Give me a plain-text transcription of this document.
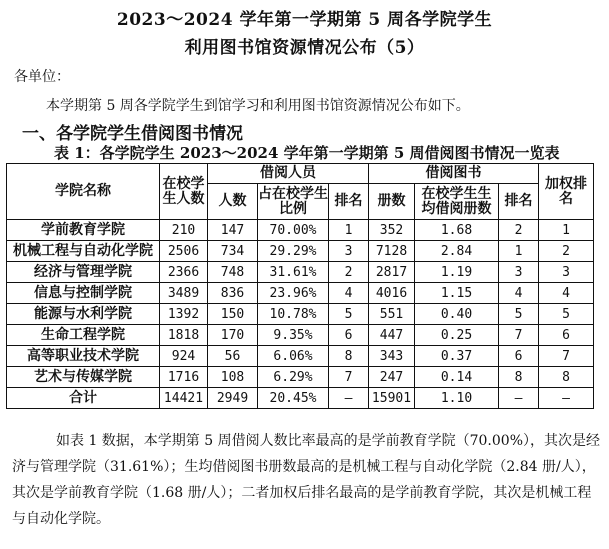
2023～2024 学年第一学期第 5 周各学院学生
利用图书馆资源情况公布（5）
各单位：
本学期第 5 周各学院学生到馆学习和利用图书馆资源情况公布如下。
一、各学院学生借阅图书情况
表 1：各学院学生 2023～2024 学年第一学期第 5 周借阅图书情况一览表
学院名称	在校学生人数	借阅人员			借阅图书			加权排名
		人数	占在校学生比例	排名	册数	在校学生生均借阅册数	排名	
学前教育学院	210	147	70.00%	1	352	1.68	2	1
机械工程与自动化学院	2506	734	29.29%	3	7128	2.84	1	2
经济与管理学院	2366	748	31.61%	2	2817	1.19	3	3
信息与控制学院	3489	836	23.96%	4	4016	1.15	4	4
能源与水利学院	1392	150	10.78%	5	551	0.40	5	5
生命工程学院	1818	170	9.35%	6	447	0.25	7	6
高等职业技术学院	924	56	6.06%	8	343	0.37	6	7
艺术与传媒学院	1716	108	6.29%	7	247	0.14	8	8
合计	14421	2949	20.45%	—	15901	1.10	—	—

如表 1 数据，本学期第 5 周借阅人数比率最高的是学前教育学院（70.00%），其次是经济与管理学院（31.61%）；生均借阅图书册数最高的是机械工程与自动化学院（2.84 册/人），其次是学前教育学院（1.68 册/人）；二者加权后排名最高的是学前教育学院，其次是机械工程与自动化学院。
